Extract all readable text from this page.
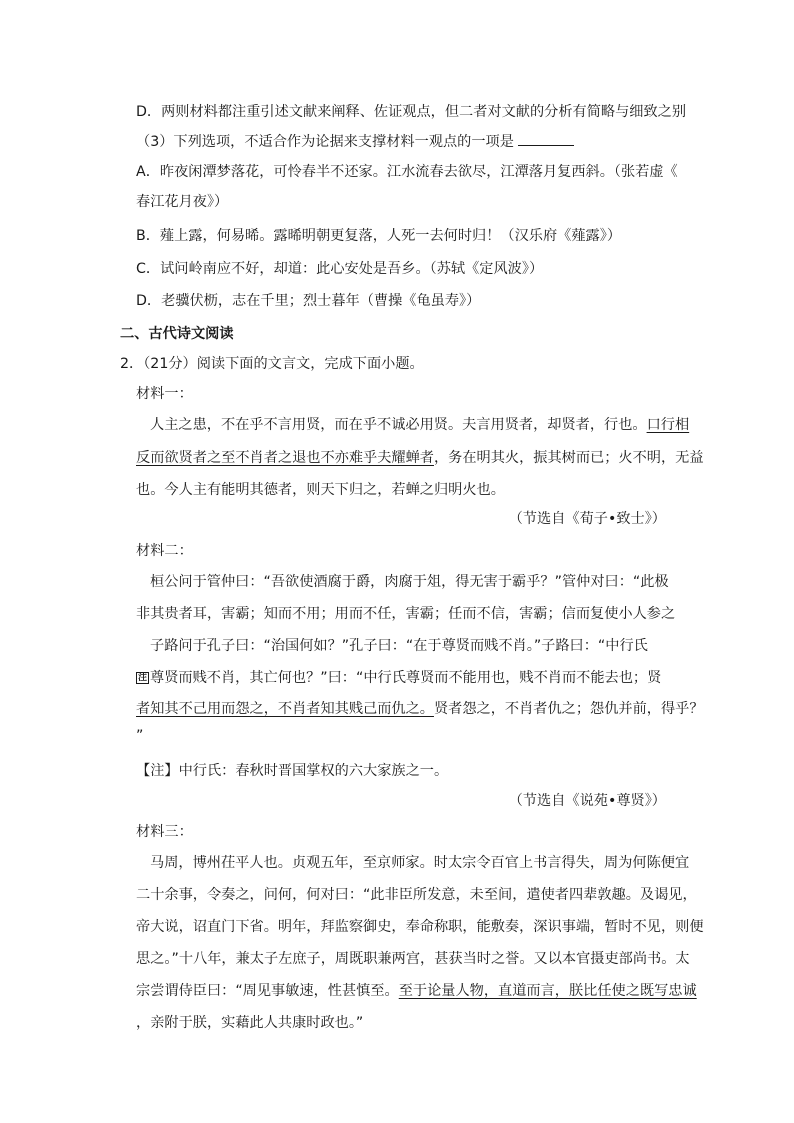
D．两则材料都注重引述文献来阐释、佐证观点，但二者对文献的分析有简略与细致之别
（3）下列选项，不适合作为论据来支撑材料一观点的一项是
A．昨夜闲潭梦落花，可怜春半不还家。江水流春去欲尽，江潭落月复西斜。（张若虚《
春江花月夜》）
B．薤上露，何易晞。露晞明朝更复落，人死一去何时归！（汉乐府《薤露》）
C．试问岭南应不好，却道：此心安处是吾乡。（苏轼《定风波》）
D．老骥伏枥，志在千里；烈士暮年（曹操《龟虽寿》）
二、古代诗文阅读
2．（21分）阅读下面的文言文，完成下面小题。
材料一：
人主之患，不在乎不言用贤，而在乎不诚必用贤。夫言用贤者，却贤者，行也。口行相
反而欲贤者之至不肖者之退也不亦难乎夫耀蝉者，务在明其火，振其树而已；火不明，无益
也。今人主有能明其德者，则天下归之，若蝉之归明火也。
（节选自《荀子•致士》）
材料二：
桓公问于管仲曰：“吾欲使酒腐于爵，肉腐于俎，得无害于霸乎？”管仲对曰：“此极
非其贵者耳，害霸；知而不用；用而不任，害霸；任而不信，害霸；信而复使小人参之
子路问于孔子曰：“治国何如？”孔子曰：“在于尊贤而贱不肖。”子路曰：“中行氏
注 尊贤而贱不肖，其亡何也？”曰：“中行氏尊贤而不能用也，贱不肖而不能去也；贤
者知其不己用而怨之，不肖者知其贱己而仇之。贤者怨之，不肖者仇之；怨仇并前，得乎？
”
【注】中行氏：春秋时晋国掌权的六大家族之一。
（节选自《说苑•尊贤》）
材料三：
马周，博州茌平人也。贞观五年，至京师家。时太宗令百官上书言得失，周为何陈便宜
二十余事，令奏之，问何，何对曰：“此非臣所发意，未至间，遣使者四辈敦趣。及谒见，
帝大说，诏直门下省。明年，拜监察御史，奉命称职，能敷奏，深识事端，暂时不见，则便
思之。”十八年，兼太子左庶子，周既职兼两宫，甚获当时之誉。又以本官摄吏部尚书。太
宗尝谓侍臣曰：“周见事敏速，性甚慎至。至于论量人物，直道而言，朕比任使之既写忠诚
，亲附于朕，实藉此人共康时政也。”
